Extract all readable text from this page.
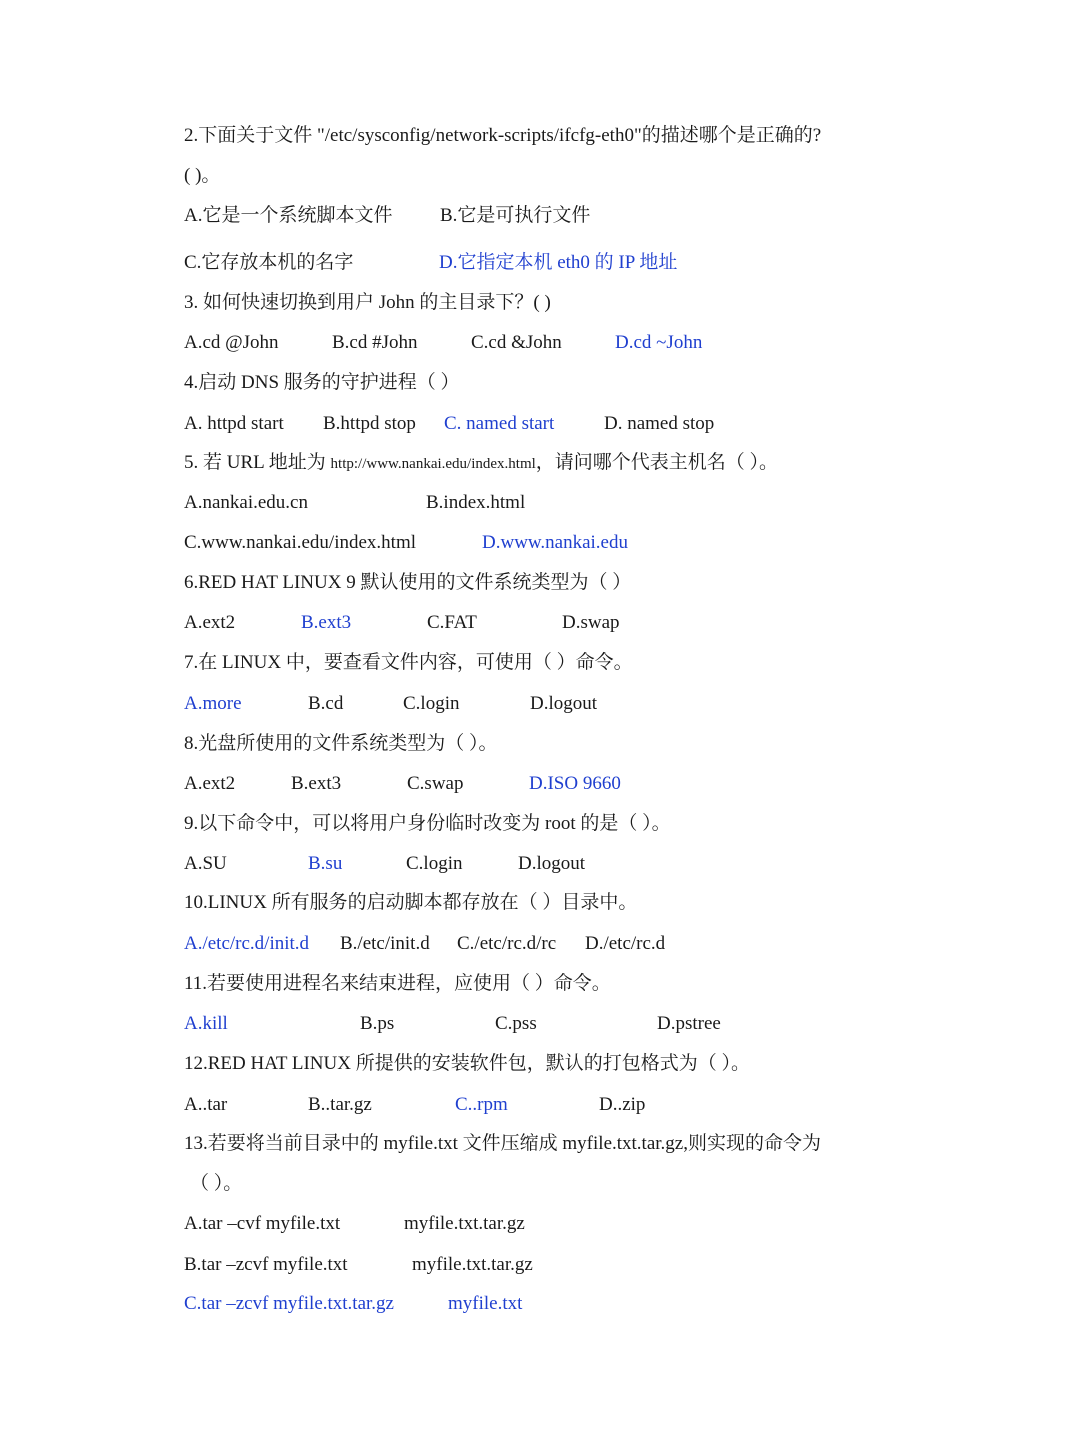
2.下面关于文件 "/etc/sysconfig/network-scripts/ifcfg-eth0"的描述哪个是正确的?
( )。
A.它是一个系统脚本文件	B.它是可执行文件
C.它存放本机的名字	D.它指定本机 eth0 的 IP 地址
3. 如何快速切换到用户 John 的主目录下？( )
A.cd @John	B.cd #John	C.cd &John	D.cd ~John
4.启动 DNS 服务的守护进程（ ）
A. httpd start B.httpd stop C. named start	D. named stop
5. 若 URL 地址为 http://www.nankai.edu/index.html，请问哪个代表主机名（ ）。
A.nankai.edu.cn	B.index.html
C.www.nankai.edu/index.html	D.www.nankai.edu
6.RED HAT LINUX 9 默认使用的文件系统类型为（ ）
A.ext2	B.ext3	C.FAT	D.swap
7.在 LINUX 中，要查看文件内容，可使用（ ）命令。
A.more	B.cd	C.login	D.logout
8.光盘所使用的文件系统类型为（ ）。
A.ext2	B.ext3	C.swap	D.ISO 9660
9.以下命令中，可以将用户身份临时改变为 root 的是（ ）。
A.SU	B.su	C.login	D.logout
10.LINUX 所有服务的启动脚本都存放在（ ）目录中。
A./etc/rc.d/init.d B./etc/init.d C./etc/rc.d/rc D./etc/rc.d
11.若要使用进程名来结束进程，应使用（ ）命令。
A.kill	B.ps	C.pss	D.pstree
12.RED HAT LINUX 所提供的安装软件包，默认的打包格式为（ ）。
A..tar	B..tar.gz	C..rpm	D..zip
13.若要将当前目录中的 myfile.txt 文件压缩成 myfile.txt.tar.gz,则实现的命令为
（ ）。
A.tar –cvf myfile.txt	myfile.txt.tar.gz
B.tar –zcvf myfile.txt	myfile.txt.tar.gz
C.tar –zcvf myfile.txt.tar.gz	myfile.txt
